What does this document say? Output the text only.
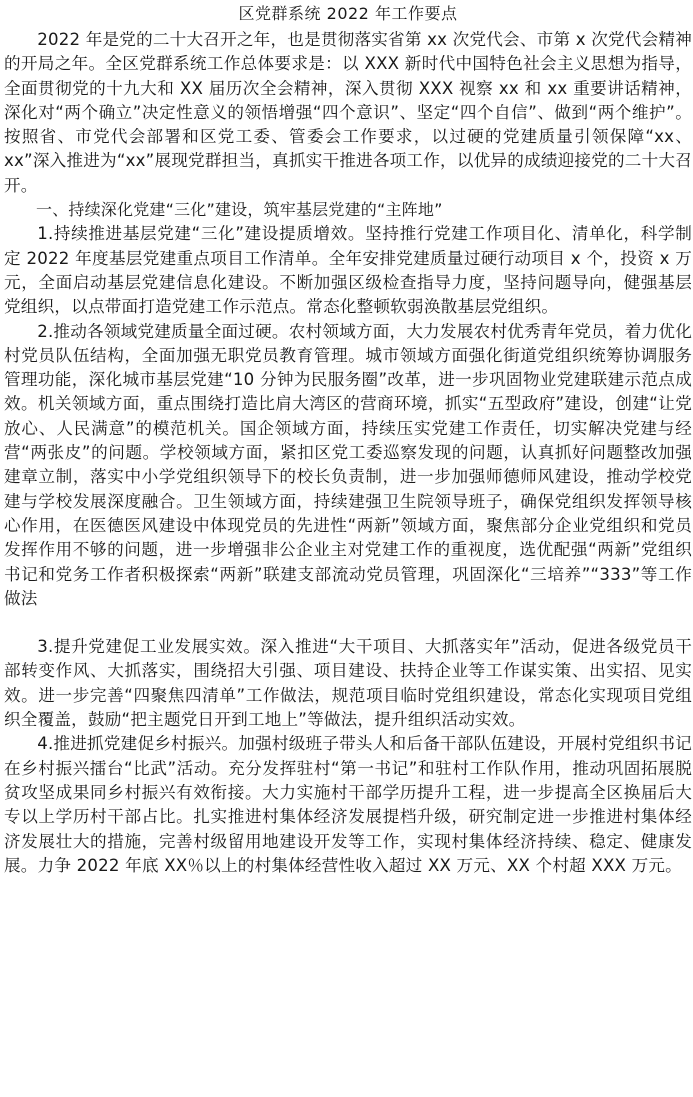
区党群系统 2022 年工作要点

2022 年是党的二十大召开之年，也是贯彻落实省第 xx 次党代会、市第 x 次党代会精神的开局之年。全区党群系统工作总体要求是：以 XXX 新时代中国特色社会主义思想为指导，全面贯彻党的十九大和 XX 届历次全会精神，深入贯彻 XXX 视察 xx 和 xx 重要讲话精神，深化对“两个确立”决定性意义的领悟增强“四个意识”、坚定“四个自信”、做到“两个维护”。按照省、市党代会部署和区党工委、管委会工作要求，以过硬的党建质量引领保障“xx、xx”深入推进为“xx”展现党群担当，真抓实干推进各项工作，以优异的成绩迎接党的二十大召开。

一、持续深化党建“三化”建设，筑牢基层党建的“主阵地”

1.持续推进基层党建“三化”建设提质增效。坚持推行党建工作项目化、清单化，科学制定 2022 年度基层党建重点项目工作清单。全年安排党建质量过硬行动项目 x 个，投资 x 万元，全面启动基层党建信息化建设。不断加强区级检查指导力度，坚持问题导向，健强基层党组织，以点带面打造党建工作示范点。常态化整顿软弱涣散基层党组织。

2.推动各领域党建质量全面过硬。农村领域方面，大力发展农村优秀青年党员，着力优化村党员队伍结构，全面加强无职党员教育管理。城市领域方面强化街道党组织统筹协调服务管理功能，深化城市基层党建“10 分钟为民服务圈”改革，进一步巩固物业党建联建示范点成效。机关领域方面，重点围绕打造比肩大湾区的营商环境，抓实“五型政府”建设，创建“让党放心、人民满意”的模范机关。国企领域方面，持续压实党建工作责任，切实解决党建与经营“两张皮”的问题。学校领域方面，紧扣区党工委巡察发现的问题，认真抓好问题整改加强建章立制，落实中小学党组织领导下的校长负责制，进一步加强师德师风建设，推动学校党建与学校发展深度融合。卫生领域方面，持续建强卫生院领导班子，确保党组织发挥领导核心作用，在医德医风建设中体现党员的先进性“两新”领域方面，聚焦部分企业党组织和党员发挥作用不够的问题，进一步增强非公企业主对党建工作的重视度，选优配强“两新”党组织书记和党务工作者积极探索“两新”联建支部流动党员管理，巩固深化“三培养”“333”等工作做法

3.提升党建促工业发展实效。深入推进“大干项目、大抓落实年”活动，促进各级党员干部转变作风、大抓落实，围绕招大引强、项目建设、扶持企业等工作谋实策、出实招、见实效。进一步完善“四聚焦四清单”工作做法，规范项目临时党组织建设，常态化实现项目党组织全覆盖，鼓励“把主题党日开到工地上”等做法，提升组织活动实效。

4.推进抓党建促乡村振兴。加强村级班子带头人和后备干部队伍建设，开展村党组织书记在乡村振兴擂台“比武”活动。充分发挥驻村“第一书记”和驻村工作队作用，推动巩固拓展脱贫攻坚成果同乡村振兴有效衔接。大力实施村干部学历提升工程，进一步提高全区换届后大专以上学历村干部占比。扎实推进村集体经济发展提档升级，研究制定进一步推进村集体经济发展壮大的措施，完善村级留用地建设开发等工作，实现村集体经济持续、稳定、健康发展。力争 2022 年底 XX％以上的村集体经营性收入超过 XX 万元、XX 个村超 XXX 万元。
